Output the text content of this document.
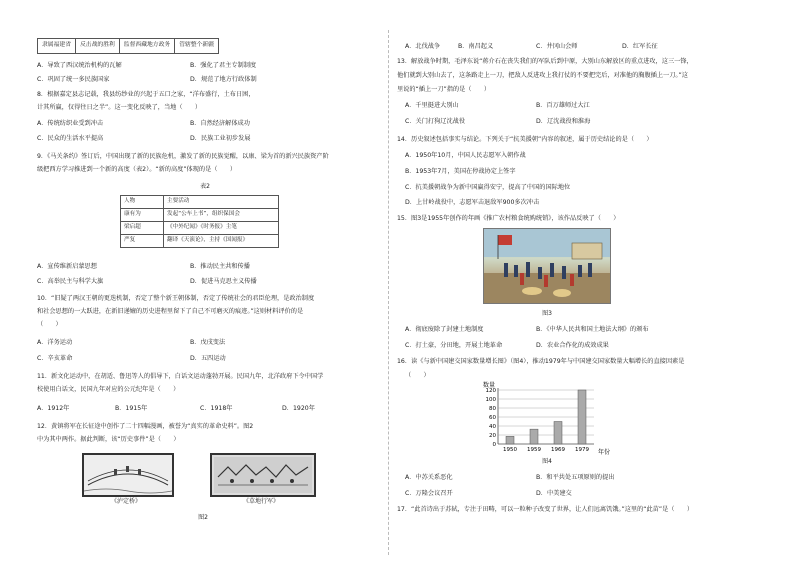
隶属福建省	反击战的胜利	监督西藏地方政务	管辖整个新疆
A．导致了西汉统治机构的瓦解	B．强化了君主专制制度
C．巩固了统一多民族国家	D．规范了地方行政体制
8．根据嘉定县志记载，我县纺纱业的兴起于五口之家，“洋布盛行，土布日困，
计其所赢，仅得往日之半”。这一变化反映了，当地（　　）
A．传统纺织业受到冲击	B．自然经济解体成功
C．民众的生活水平提高	D．民族工业初步发展
9．《马关条约》签订后，中国出现了新的民族危机，激发了新的民族觉醒，以康、梁为首的新兴民族资产阶
级把西方学习推进到一个新的高度（表2）。“新的高度”体现的是（　　）
表2
人物	主要活动
康有为	发起“公车上书”，组织保国会
梁启超	《中外纪闻》《时务报》主笔
严复	翻译《天演论》，主持《国闻报》
A．宣传维新启蒙思想	B．推动民主共和传播
C．高举民主与科学大旗	D．促进马克思主义传播
10．“旧疑了两汉王朝的更迭机制，否定了整个新王朝体制，否定了传统社会的君臣伦理，是政治制度
和社会思想的一大跃进，在新旧递嬗的历史进程里留下了自己不可磨灭的痕迹。”这则材料评价的是
（　　）
A．洋务运动	B．戊戌变法
C．辛亥革命	D．五四运动
11．新文化运动中，在胡适、鲁迅等人的倡导下，白话文运动蓬勃开展。民国九年，北洋政府下令中国学
校使用白话文，民国九年对应的公元纪年是（　　）
A．1912年	B．1915年	C．1918年	D．1920年
12．黄镇将军在长征途中创作了二十四幅漫画，被誉为“真实的革命史料”。图2
中为其中两作。据此判断，该“历史事件”是（　　）
《泸定桥》	《草地行军》
图2
A．北伐战争	B．南昌起义	C．井冈山会师	D．红军长征
13．解放战争时期，毛泽东说“蒋介石在丧失我们的军队后到中原，大别山东解放区的重点进攻，这三一锋，
他们就到大别山去了，这条路走上一刀，把敌人反进攻上我打仗的不要把完后，对准他的胸腹插上一刀。”这
里说的“插上一刀”指的是（　　）
A．千里挺进大别山	B．百万雄师过大江
C．关门打狗辽沈战役	D．辽沈战役和淮海
14．历史叙述包括事实与结论。下列关于“抗美援朝”内容的叙述，属于历史结论的是（　　）
A．1950年10月，中国人民志愿军入朝作战
B．1953年7月，美国在停战协定上签字
C．抗美援朝战争为新中国赢得安宁，提高了中国的国际地位
D．上甘岭战役中，志愿军击退敌军900多次冲击
15．图3是1955年创作的年画《推广农村粮食统购统销》，该作品反映了（　　）
图3
A．彻底废除了封建土地制度	B．《中华人民共和国土地法大纲》的颁布
C．打土豪，分田地，开展土地革命	D．农业合作化的成效成果
16．读《与新中国建交国家数量增长图》（图4），推动1979年与中国建交国家数量大幅增长的直接因素是
（　　）
数量
0
20
40
60
80
100
120
1950 1959 1969 1979 年份
图4
A．中苏关系恶化	B．和平共处五项原则的提出
C．万隆会议召开	D．中美建交
17．“此首诗出于苏轼，专注于田畴，可以一粒种子改变了世界，让人们远离饥饿。”这里的“此苗”是（　　）
